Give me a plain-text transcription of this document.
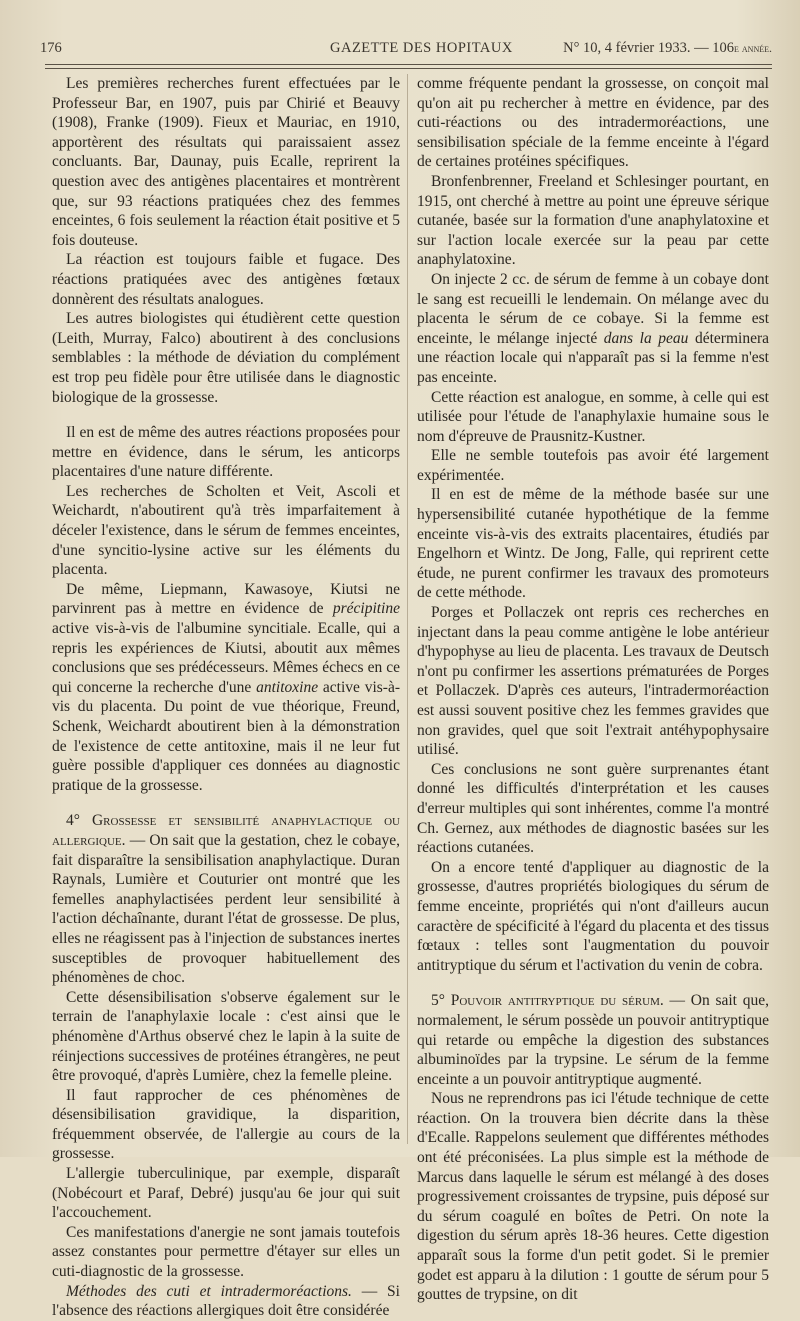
176	GAZETTE DES HOPITAUX	N° 10, 4 février 1933. — 106e année.

Les premières recherches furent effectuées par le Professeur Bar, en 1907, puis par Chirié et Beauvy (1908), Franke (1909). Fieux et Mauriac, en 1910, apportèrent des résultats qui paraissaient assez concluants. Bar, Daunay, puis Ecalle, reprirent la question avec des antigènes placentaires et montrèrent que, sur 93 réactions pratiquées chez des femmes enceintes, 6 fois seulement la réaction était positive et 5 fois douteuse.

La réaction est toujours faible et fugace. Des réactions pratiquées avec des antigènes fœtaux donnèrent des résultats analogues.

Les autres biologistes qui étudièrent cette question (Leith, Murray, Falco) aboutirent à des conclusions semblables : la méthode de déviation du complément est trop peu fidèle pour être utilisée dans le diagnostic biologique de la grossesse.

Il en est de même des autres réactions proposées pour mettre en évidence, dans le sérum, les anticorps placentaires d'une nature différente.

Les recherches de Scholten et Veit, Ascoli et Weichardt, n'aboutirent qu'à très imparfaitement à déceler l'existence, dans le sérum de femmes enceintes, d'une syncitio-lysine active sur les éléments du placenta.

De même, Liepmann, Kawasoye, Kiutsi ne parvinrent pas à mettre en évidence de précipitine active vis-à-vis de l'albumine syncitiale. Ecalle, qui a repris les expériences de Kiutsi, aboutit aux mêmes conclusions que ses prédécesseurs. Mêmes échecs en ce qui concerne la recherche d'une antitoxine active vis-à-vis du placenta. Du point de vue théorique, Freund, Schenk, Weichardt aboutirent bien à la démonstration de l'existence de cette antitoxine, mais il ne leur fut guère possible d'appliquer ces données au diagnostic pratique de la grossesse.

4° Grossesse et sensibilité anaphylactique ou allergique. — On sait que la gestation, chez le cobaye, fait disparaître la sensibilisation anaphylactique. Duran Raynals, Lumière et Couturier ont montré que les femelles anaphylactisées perdent leur sensibilité à l'action déchaînante, durant l'état de grossesse. De plus, elles ne réagissent pas à l'injection de substances inertes susceptibles de provoquer habituellement des phénomènes de choc.

Cette désensibilisation s'observe également sur le terrain de l'anaphylaxie locale : c'est ainsi que le phénomène d'Arthus observé chez le lapin à la suite de réinjections successives de protéines étrangères, ne peut être provoqué, d'après Lumière, chez la femelle pleine.

Il faut rapprocher de ces phénomènes de désensibilisation gravidique, la disparition, fréquemment observée, de l'allergie au cours de la grossesse.

L'allergie tuberculinique, par exemple, disparaît (Nobécourt et Paraf, Debré) jusqu'au 6e jour qui suit l'accouchement.

Ces manifestations d'anergie ne sont jamais toutefois assez constantes pour permettre d'étayer sur elles un cuti-diagnostic de la grossesse.

Méthodes des cuti et intradermoréactions. — Si l'absence des réactions allergiques doit être considérée

comme fréquente pendant la grossesse, on conçoit mal qu'on ait pu rechercher à mettre en évidence, par des cuti-réactions ou des intradermoréactions, une sensibilisation spéciale de la femme enceinte à l'égard de certaines protéines spécifiques.

Bronfenbrenner, Freeland et Schlesinger pourtant, en 1915, ont cherché à mettre au point une épreuve sérique cutanée, basée sur la formation d'une anaphylatoxine et sur l'action locale exercée sur la peau par cette anaphylatoxine.

On injecte 2 cc. de sérum de femme à un cobaye dont le sang est recueilli le lendemain. On mélange avec du placenta le sérum de ce cobaye. Si la femme est enceinte, le mélange injecté dans la peau déterminera une réaction locale qui n'apparaît pas si la femme n'est pas enceinte.

Cette réaction est analogue, en somme, à celle qui est utilisée pour l'étude de l'anaphylaxie humaine sous le nom d'épreuve de Prausnitz-Kustner.

Elle ne semble toutefois pas avoir été largement expérimentée.

Il en est de même de la méthode basée sur une hypersensibilité cutanée hypothétique de la femme enceinte vis-à-vis des extraits placentaires, étudiés par Engelhorn et Wintz. De Jong, Falle, qui reprirent cette étude, ne purent confirmer les travaux des promoteurs de cette méthode.

Porges et Pollaczek ont repris ces recherches en injectant dans la peau comme antigène le lobe antérieur d'hypophyse au lieu de placenta. Les travaux de Deutsch n'ont pu confirmer les assertions prématurées de Porges et Pollaczek. D'après ces auteurs, l'intradermoréaction est aussi souvent positive chez les femmes gravides que non gravides, quel que soit l'extrait antéhypophysaire utilisé.

Ces conclusions ne sont guère surprenantes étant donné les difficultés d'interprétation et les causes d'erreur multiples qui sont inhérentes, comme l'a montré Ch. Gernez, aux méthodes de diagnostic basées sur les réactions cutanées.

On a encore tenté d'appliquer au diagnostic de la grossesse, d'autres propriétés biologiques du sérum de femme enceinte, propriétés qui n'ont d'ailleurs aucun caractère de spécificité à l'égard du placenta et des tissus fœtaux : telles sont l'augmentation du pouvoir antitryptique du sérum et l'activation du venin de cobra.

5° Pouvoir antitryptique du sérum. — On sait que, normalement, le sérum possède un pouvoir antitryptique qui retarde ou empêche la digestion des substances albuminoïdes par la trypsine. Le sérum de la femme enceinte a un pouvoir antitryptique augmenté.

Nous ne reprendrons pas ici l'étude technique de cette réaction. On la trouvera bien décrite dans la thèse d'Ecalle. Rappelons seulement que différentes méthodes ont été préconisées. La plus simple est la méthode de Marcus dans laquelle le sérum est mélangé à des doses progressivement croissantes de trypsine, puis déposé sur du sérum coagulé en boîtes de Petri. On note la digestion du sérum après 18-36 heures. Cette digestion apparaît sous la forme d'un petit godet. Si le premier godet est apparu à la dilution : 1 goutte de sérum pour 5 gouttes de trypsine, on dit
